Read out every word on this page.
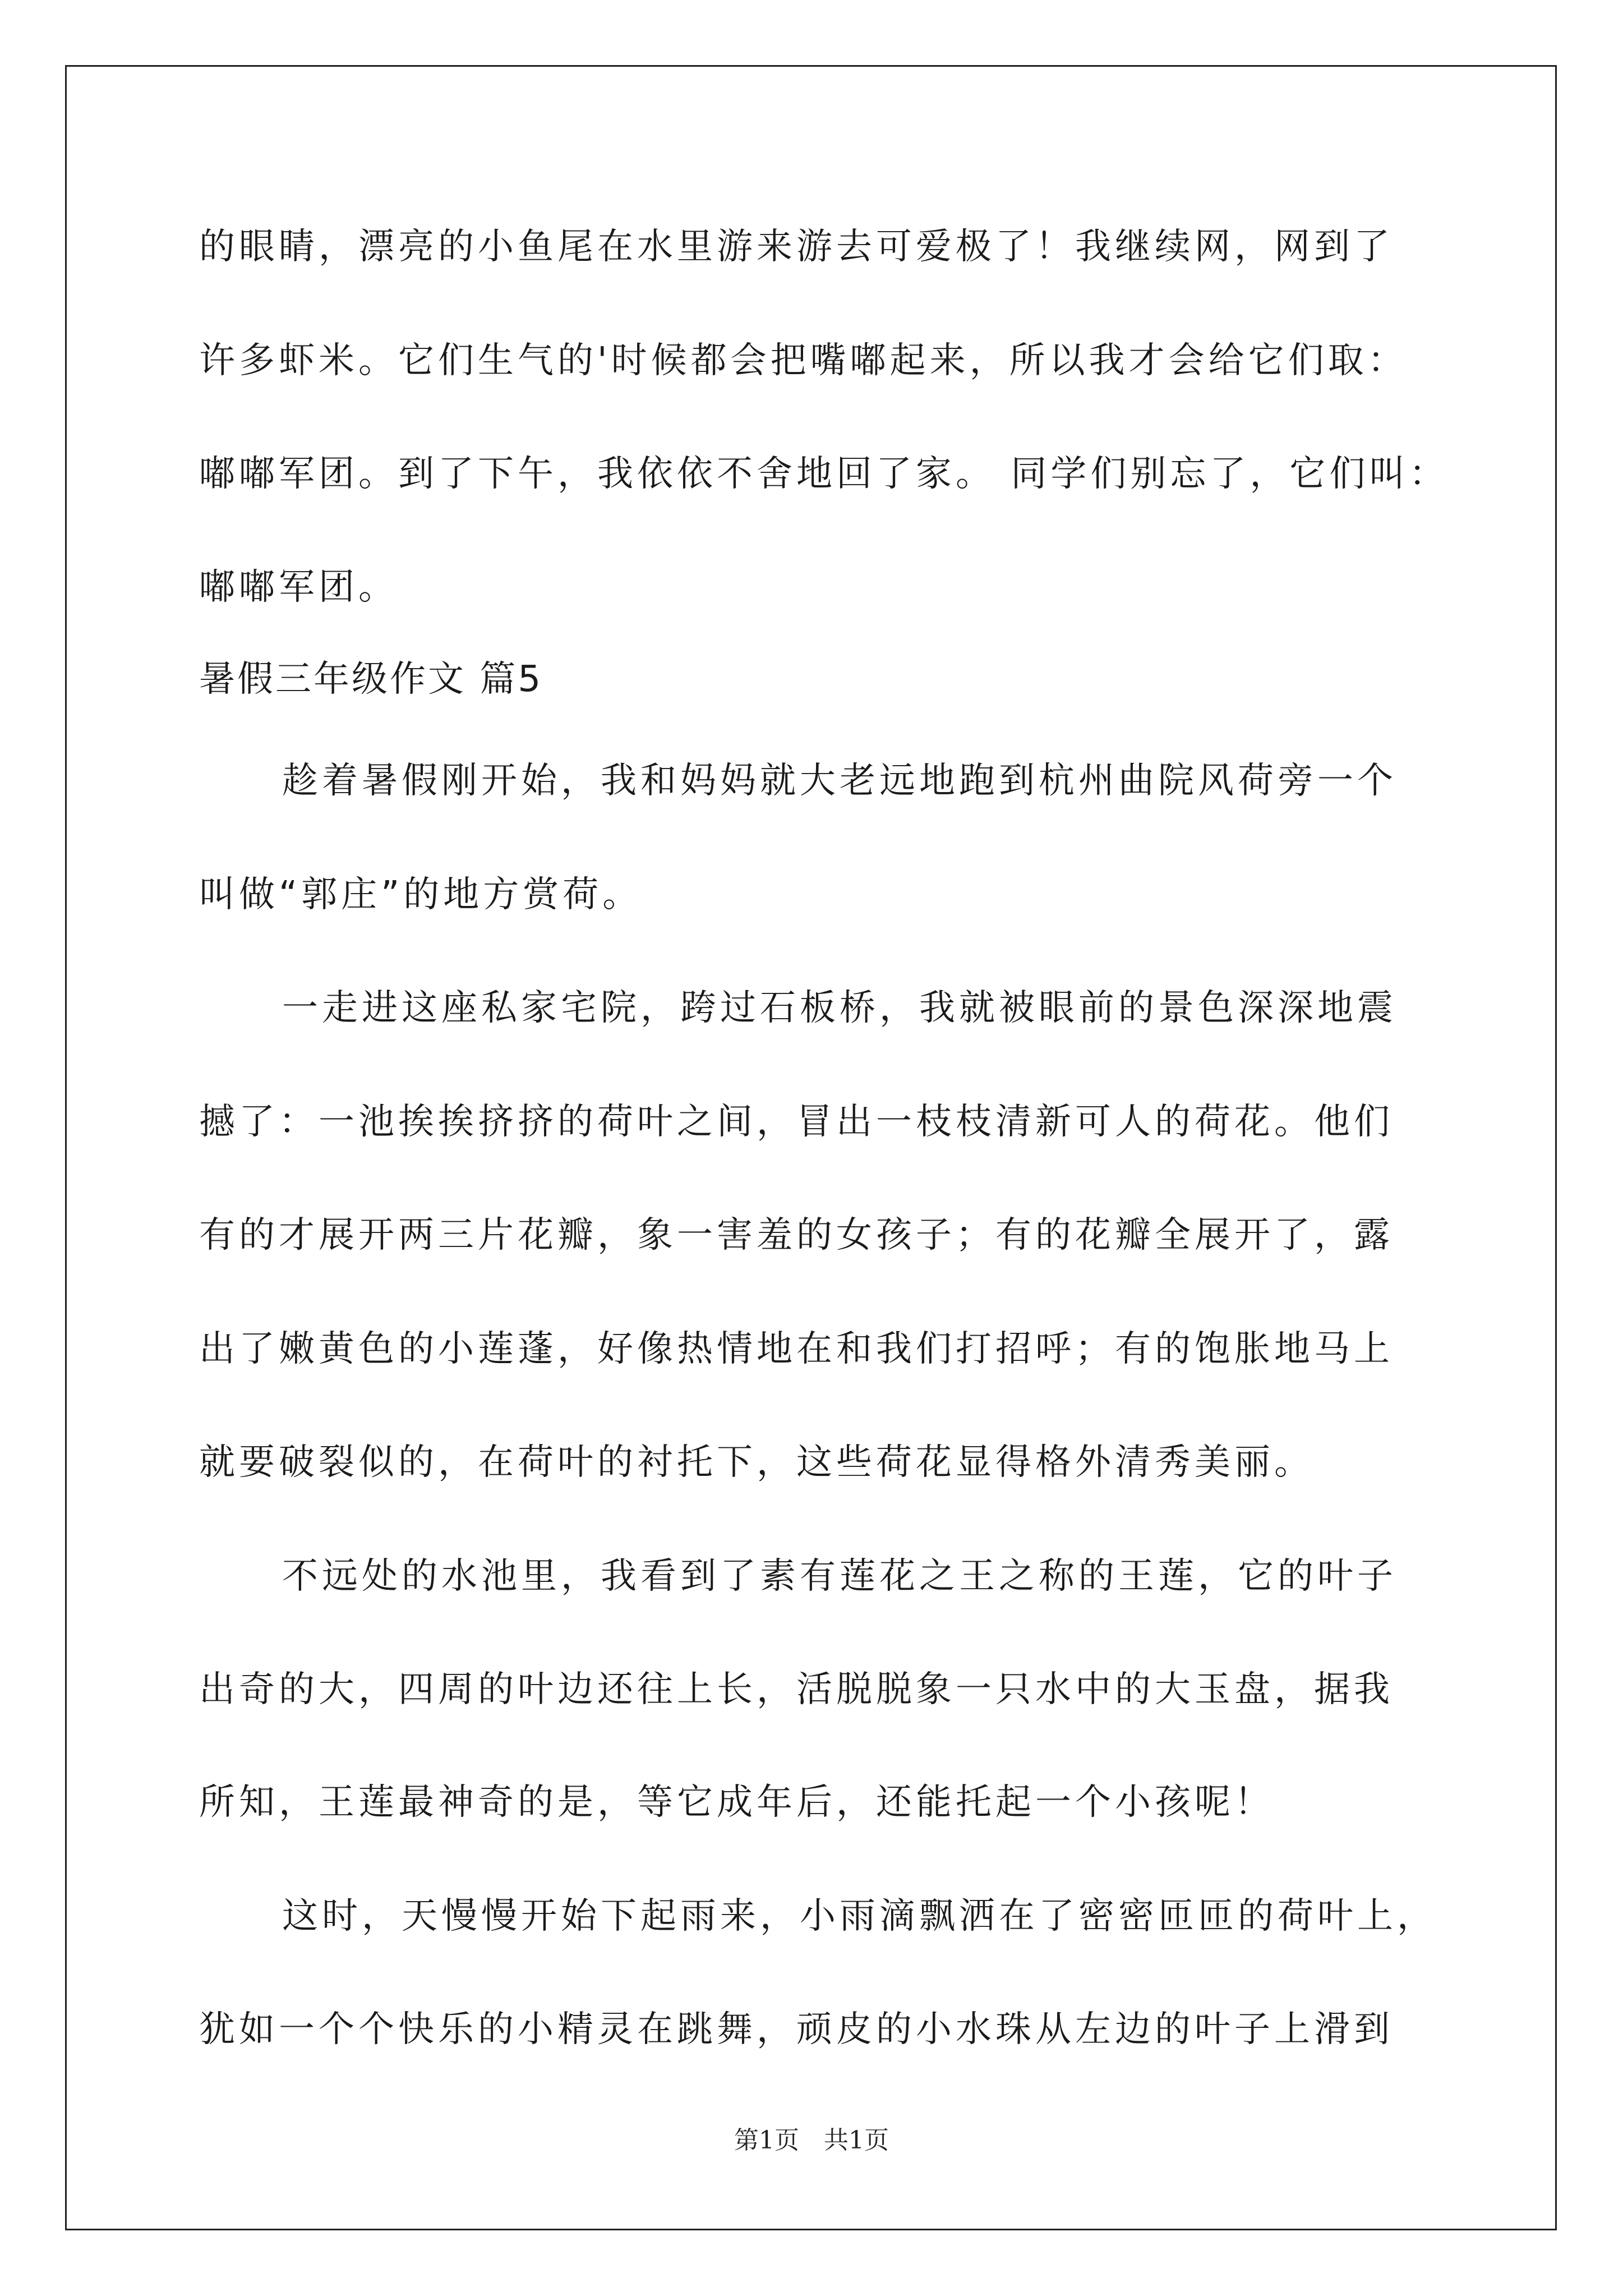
的眼睛，漂亮的小鱼尾在水里游来游去可爱极了！我继续网，网到了
许多虾米。它们生气的'时候都会把嘴嘟起来，所以我才会给它们取：
嘟嘟军团。到了下午，我依依不舍地回了家。 同学们别忘了，它们叫：
嘟嘟军团。
暑假三年级作文 篇5
趁着暑假刚开始，我和妈妈就大老远地跑到杭州曲院风荷旁一个
叫做“郭庄”的地方赏荷。
一走进这座私家宅院，跨过石板桥，我就被眼前的景色深深地震
撼了：一池挨挨挤挤的荷叶之间，冒出一枝枝清新可人的荷花。他们
有的才展开两三片花瓣，象一害羞的女孩子；有的花瓣全展开了，露
出了嫩黄色的小莲蓬，好像热情地在和我们打招呼；有的饱胀地马上
就要破裂似的，在荷叶的衬托下，这些荷花显得格外清秀美丽。
不远处的水池里，我看到了素有莲花之王之称的王莲，它的叶子
出奇的大，四周的叶边还往上长，活脱脱象一只水中的大玉盘，据我
所知，王莲最神奇的是，等它成年后，还能托起一个小孩呢！
这时，天慢慢开始下起雨来，小雨滴飘洒在了密密匝匝的荷叶上，
犹如一个个快乐的小精灵在跳舞，顽皮的小水珠从左边的叶子上滑到
第1页 共1页
